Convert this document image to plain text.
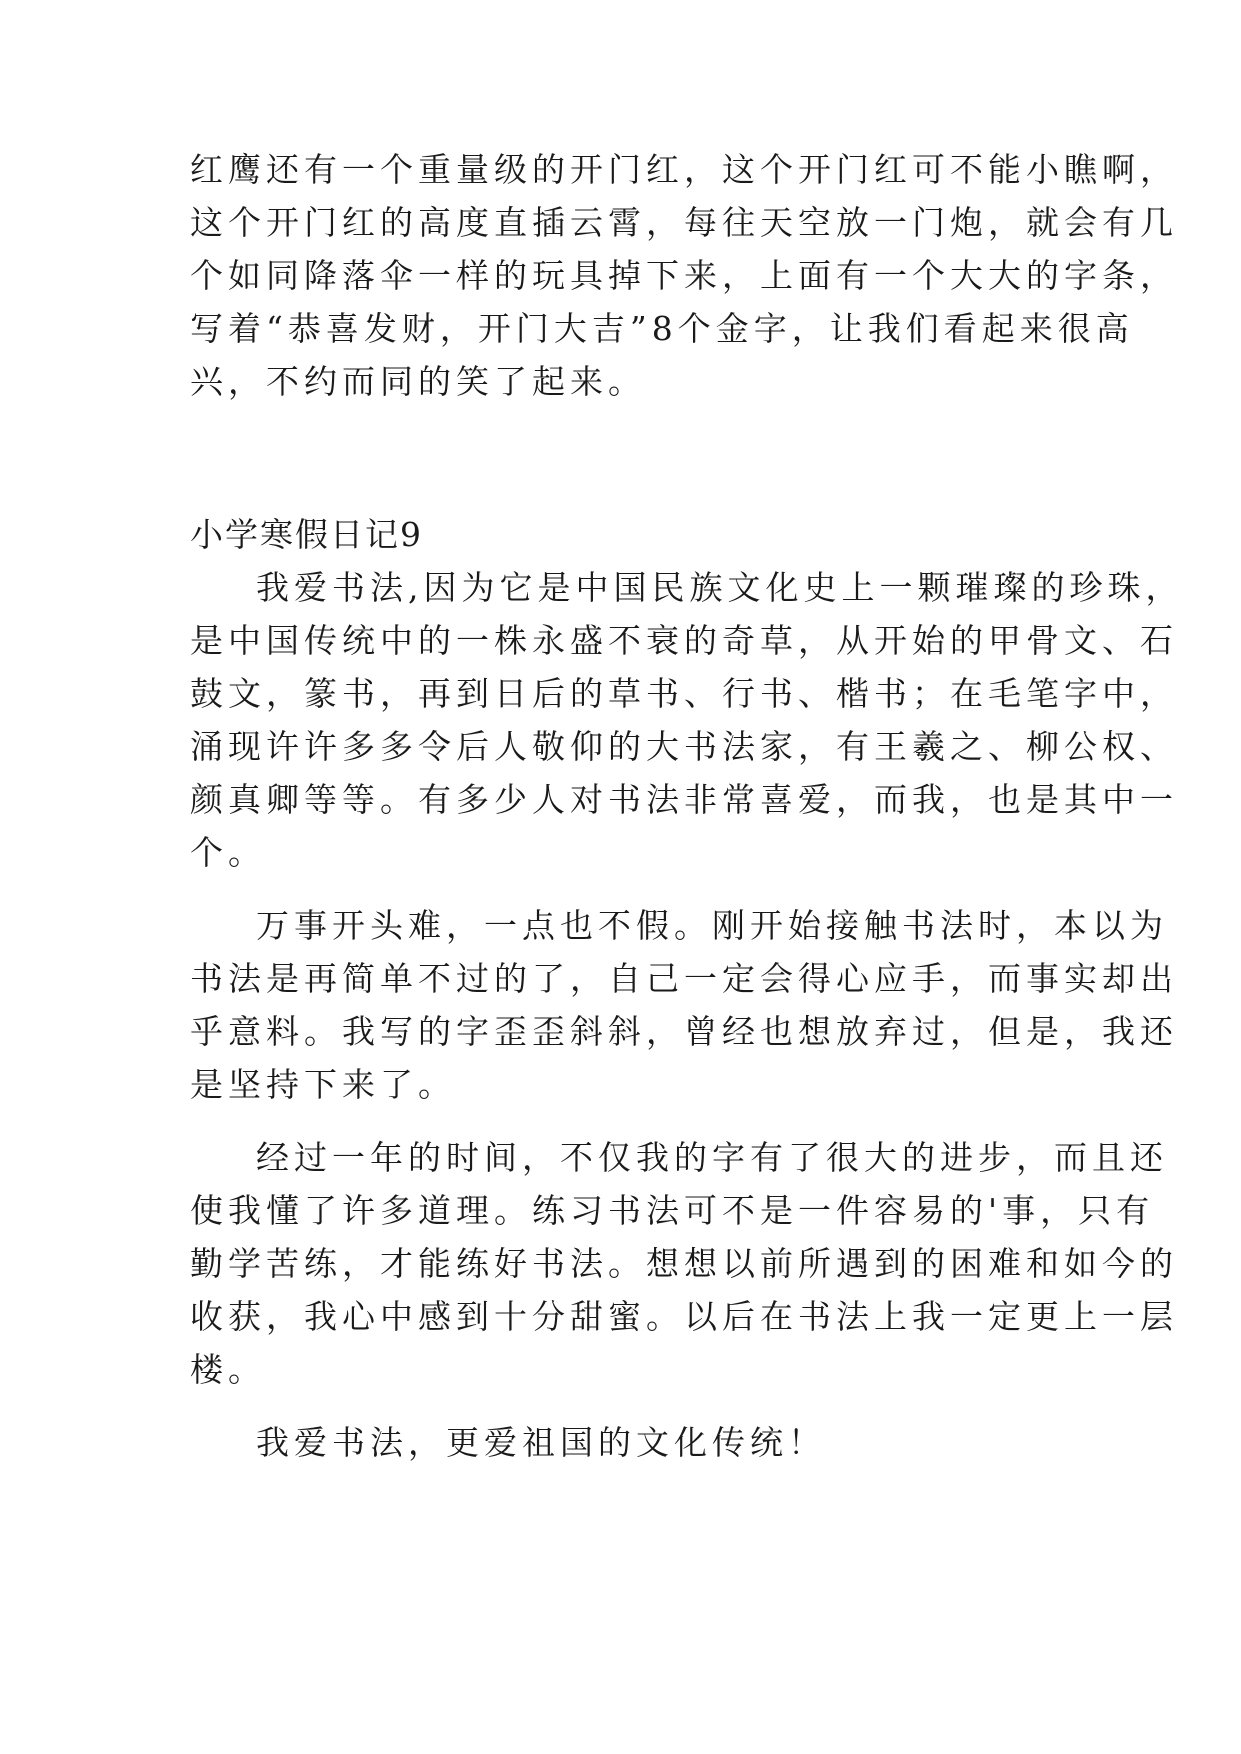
红鹰还有一个重量级的开门红，这个开门红可不能小瞧啊，
这个开门红的高度直插云霄，每往天空放一门炮，就会有几
个如同降落伞一样的玩具掉下来，上面有一个大大的字条，
写着“恭喜发财，开门大吉”8个金字，让我们看起来很高
兴，不约而同的笑了起来。
小学寒假日记9
我爱书法,因为它是中国民族文化史上一颗璀璨的珍珠，
是中国传统中的一株永盛不衰的奇草，从开始的甲骨文、石
鼓文，篆书，再到日后的草书、行书、楷书；在毛笔字中，
涌现许许多多令后人敬仰的大书法家，有王羲之、柳公权、
颜真卿等等。有多少人对书法非常喜爱，而我，也是其中一
个。
万事开头难，一点也不假。刚开始接触书法时，本以为
书法是再简单不过的了，自己一定会得心应手，而事实却出
乎意料。我写的字歪歪斜斜，曾经也想放弃过，但是，我还
是坚持下来了。
经过一年的时间，不仅我的字有了很大的进步，而且还
使我懂了许多道理。练习书法可不是一件容易的'事，只有
勤学苦练，才能练好书法。想想以前所遇到的困难和如今的
收获，我心中感到十分甜蜜。以后在书法上我一定更上一层
楼。
我爱书法，更爱祖国的文化传统！
